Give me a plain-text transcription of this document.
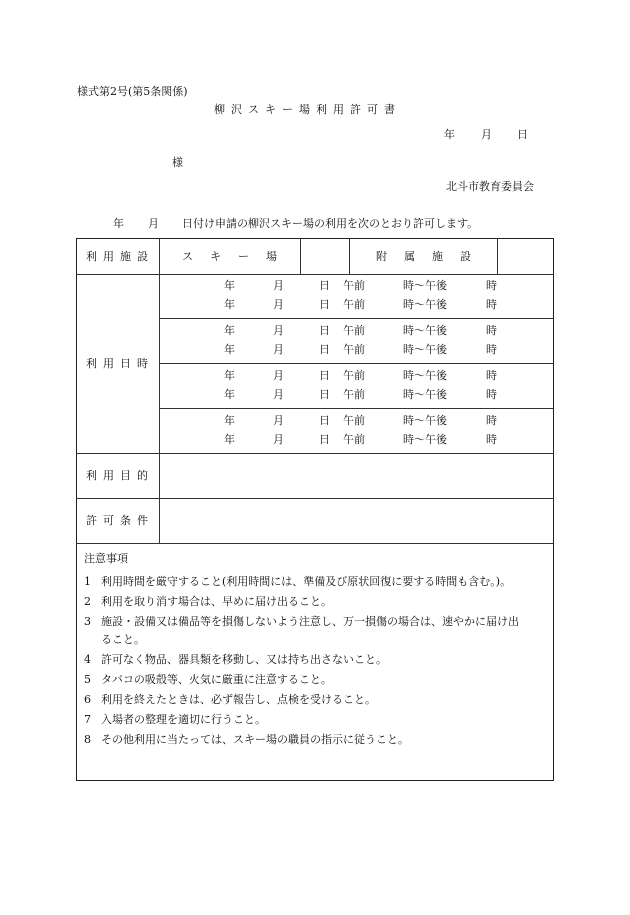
様式第2号(第5条関係)
柳沢スキー場利用許可書
年 月 日
様
北斗市教育委員会
年 月 日付け申請の柳沢スキー場の利用を次のとおり許可します。
利用施設	スキー場	附属施設
利用日時
年	月	日 午前	時〜午後	時
年	月	日 午前	時〜午後	時
年	月	日 午前	時〜午後	時
年	月	日 午前	時〜午後	時
年	月	日 午前	時〜午後	時
年	月	日 午前	時〜午後	時
年	月	日 午前	時〜午後	時
年	月	日 午前	時〜午後	時
利用目的
許可条件
注意事項
1 利用時間を厳守すること(利用時間には、準備及び原状回復に要する時間も含む。)。
2 利用を取り消す場合は、早めに届け出ること。
3 施設・設備又は備品等を損傷しないよう注意し、万一損傷の場合は、速やかに届け出
ること。
4 許可なく物品、器具類を移動し、又は持ち出さないこと。
5 タバコの吸殻等、火気に厳重に注意すること。
6 利用を終えたときは、必ず報告し、点検を受けること。
7 入場者の整理を適切に行うこと。
8 その他利用に当たっては、スキー場の職員の指示に従うこと。
